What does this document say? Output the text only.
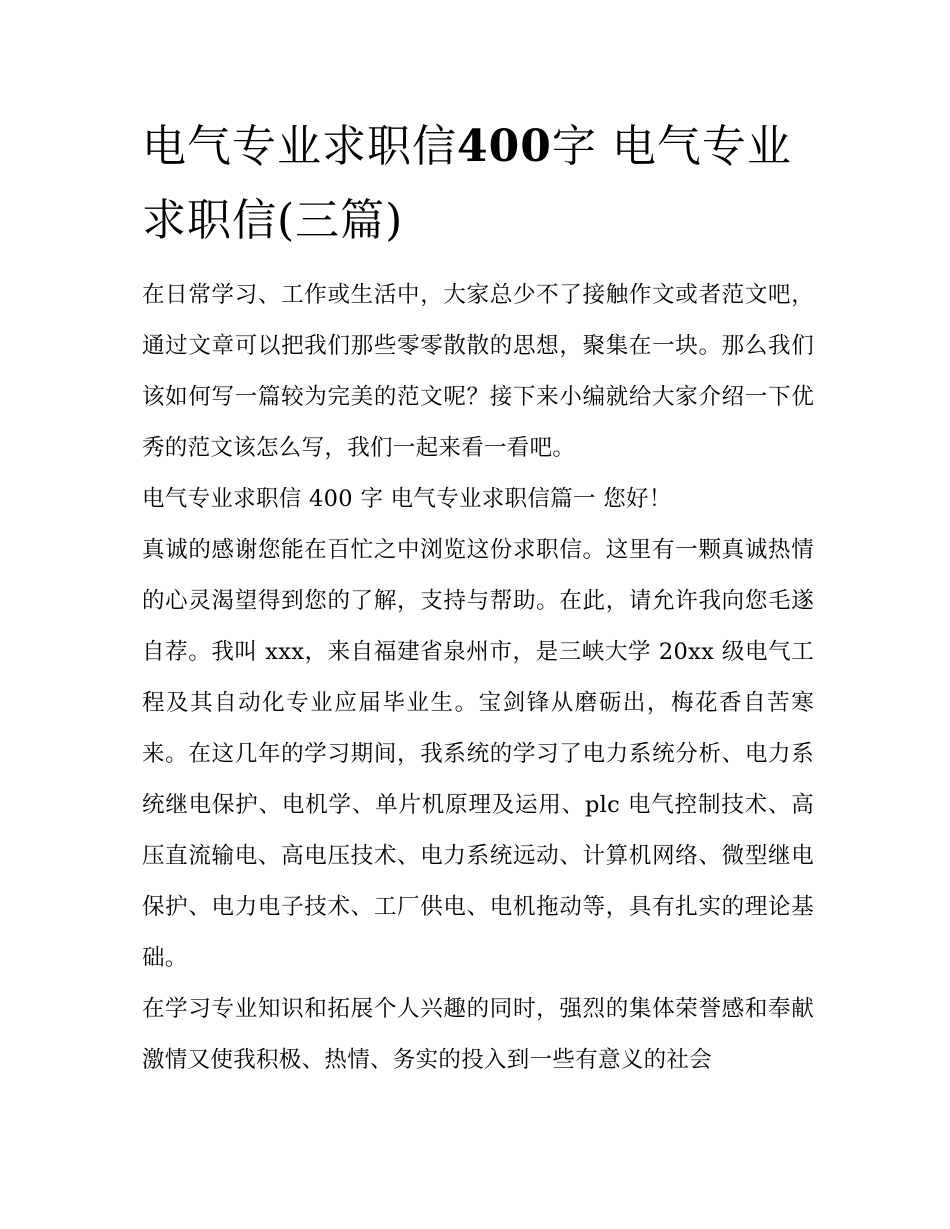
电气专业求职信400字 电气专业求职信(三篇)

在日常学习、工作或生活中，大家总少不了接触作文或者范文吧，通过文章可以把我们那些零零散散的思想，聚集在一块。那么我们该如何写一篇较为完美的范文呢？接下来小编就给大家介绍一下优秀的范文该怎么写，我们一起来看一看吧。

电气专业求职信 400 字 电气专业求职信篇一 您好！

真诚的感谢您能在百忙之中浏览这份求职信。这里有一颗真诚热情的心灵渴望得到您的了解，支持与帮助。在此，请允许我向您毛遂自荐。我叫 xxx，来自福建省泉州市，是三峡大学 20xx 级电气工程及其自动化专业应届毕业生。宝剑锋从磨砺出，梅花香自苦寒来。在这几年的学习期间，我系统的学习了电力系统分析、电力系统继电保护、电机学、单片机原理及运用、plc 电气控制技术、高压直流输电、高电压技术、电力系统远动、计算机网络、微型继电保护、电力电子技术、工厂供电、电机拖动等，具有扎实的理论基础。

在学习专业知识和拓展个人兴趣的同时，强烈的集体荣誉感和奉献激情又使我积极、热情、务实的投入到一些有意义的社会
